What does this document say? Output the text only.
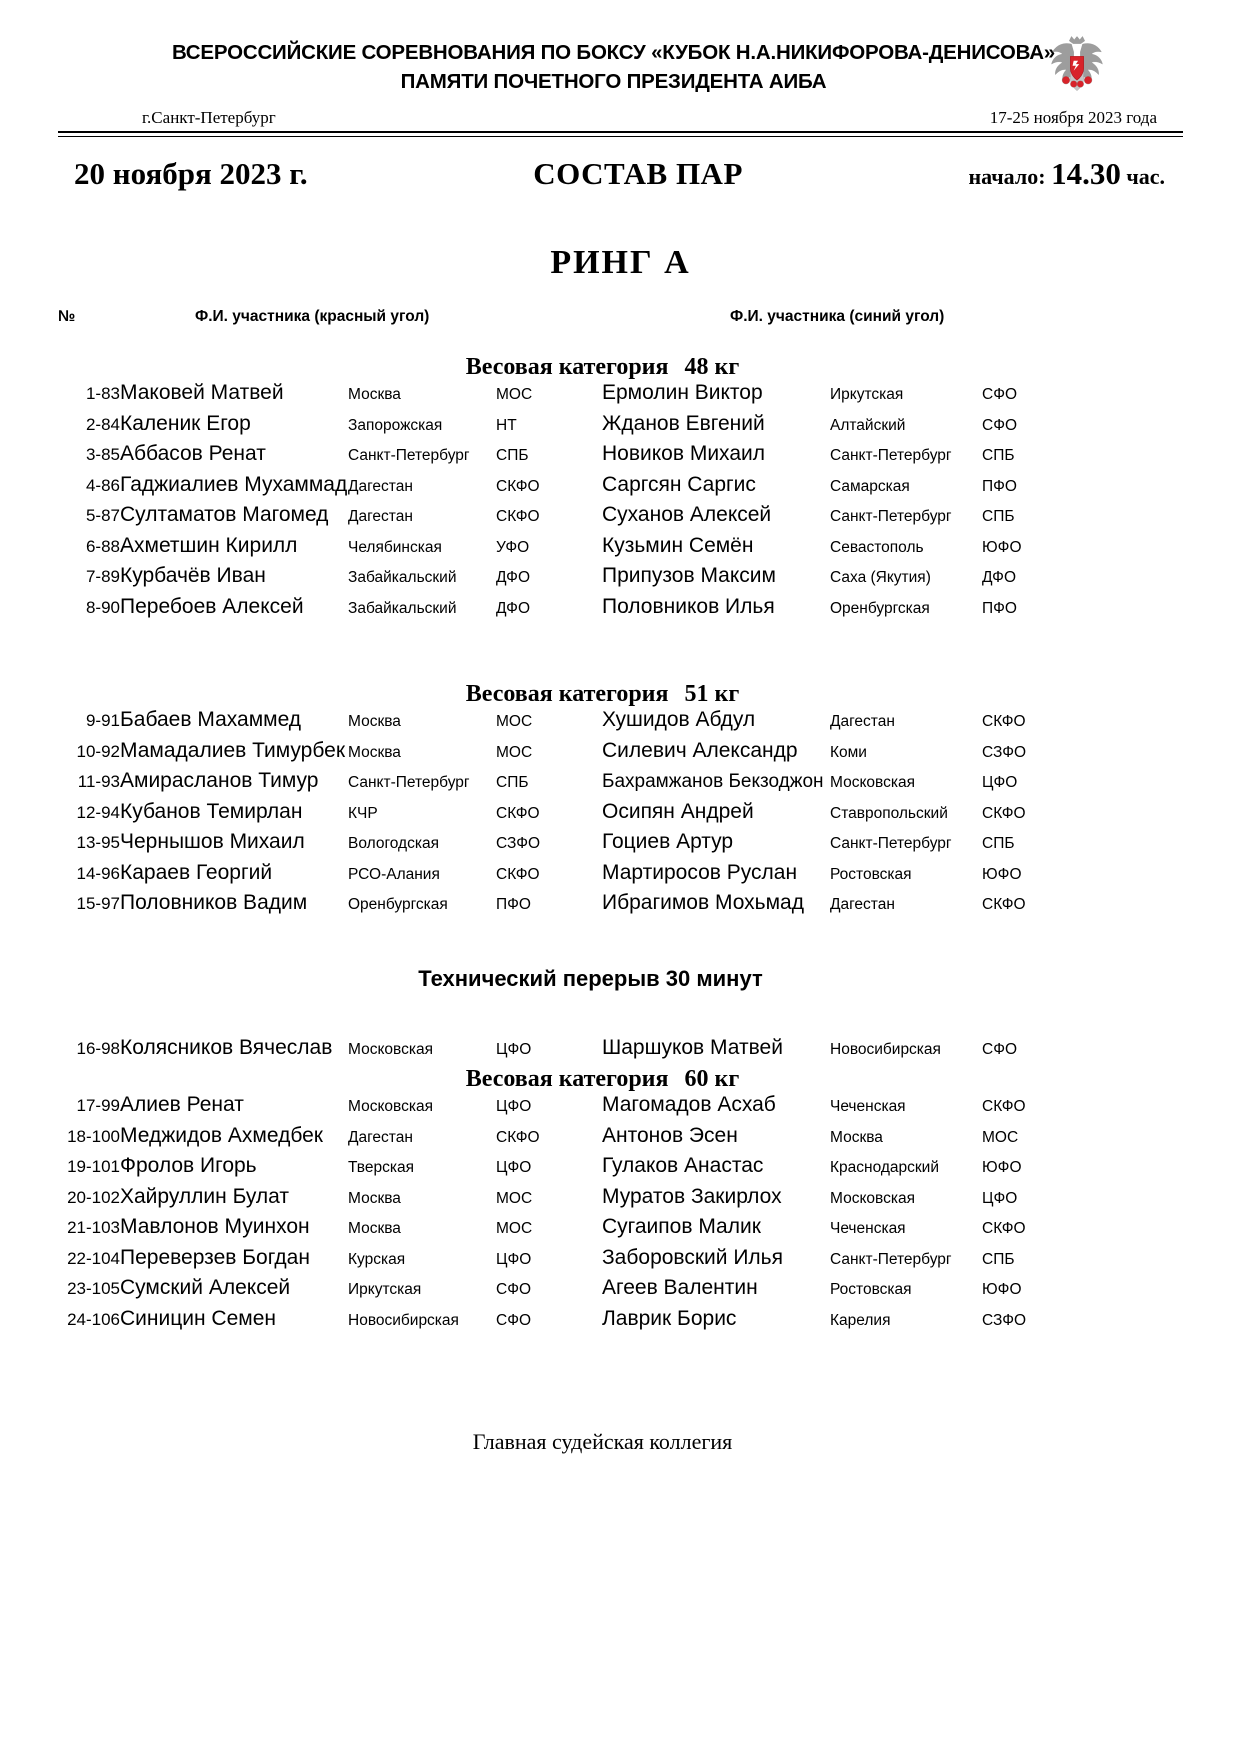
ВСЕРОССИЙСКИЕ СОРЕВНОВАНИЯ ПО БОКСУ «КУБОК Н.А.НИКИФОРОВА-ДЕНИСОВА» ПАМЯТИ ПОЧЕТНОГО ПРЕЗИДЕНТА АИБА
г.Санкт-Петербург	17-25 ноября 2023 года
20 ноября 2023 г.	СОСТАВ ПАР	начало: 14.30 час.
РИНГ А
№	Ф.И. участника (красный угол)	Ф.И. участника (синий угол)
Весовая категория 48 кг
1-83	Маковей Матвей	Москва	МОС	Ермолин Виктор	Иркутская	СФО
2-84	Каленик Егор	Запорожская	НТ	Жданов Евгений	Алтайский	СФО
3-85	Аббасов Ренат	Санкт-Петербург	СПБ	Новиков Михаил	Санкт-Петербург	СПБ
4-86	Гаджиалиев Мухаммад	Дагестан	СКФО	Саргсян Саргис	Самарская	ПФО
5-87	Султаматов Магомед	Дагестан	СКФО	Суханов Алексей	Санкт-Петербург	СПБ
6-88	Ахметшин Кирилл	Челябинская	УФО	Кузьмин Семён	Севастополь	ЮФО
7-89	Курбачёв Иван	Забайкальский	ДФО	Припузов Максим	Саха (Якутия)	ДФО
8-90	Перебоев Алексей	Забайкальский	ДФО	Половников Илья	Оренбургская	ПФО
Весовая категория 51 кг
9-91	Бабаев Махаммед	Москва	МОС	Хушидов Абдул	Дагестан	СКФО
10-92	Мамадалиев Тимурбек	Москва	МОС	Силевич Александр	Коми	СЗФО
11-93	Амирасланов Тимур	Санкт-Петербург	СПБ	Бахрамжанов Бекзоджон	Московская	ЦФО
12-94	Кубанов Темирлан	КЧР	СКФО	Осипян Андрей	Ставропольский	СКФО
13-95	Чернышов Михаил	Вологодская	СЗФО	Гоциев Артур	Санкт-Петербург	СПБ
14-96	Караев Георгий	РСО-Алания	СКФО	Мартиросов Руслан	Ростовская	ЮФО
15-97	Половников Вадим	Оренбургская	ПФО	Ибрагимов Мохьмад	Дагестан	СКФО
Технический перерыв 30 минут
16-98	Колясников Вячеслав	Московская	ЦФО	Шаршуков Матвей	Новосибирская	СФО
Весовая категория 60 кг
17-99	Алиев Ренат	Московская	ЦФО	Магомадов Асхаб	Чеченская	СКФО
18-100	Меджидов Ахмедбек	Дагестан	СКФО	Антонов Эсен	Москва	МОС
19-101	Фролов Игорь	Тверская	ЦФО	Гулаков Анастас	Краснодарский	ЮФО
20-102	Хайруллин Булат	Москва	МОС	Муратов Закирлох	Московская	ЦФО
21-103	Мавлонов Муинхон	Москва	МОС	Сугаипов Малик	Чеченская	СКФО
22-104	Переверзев Богдан	Курская	ЦФО	Заборовский Илья	Санкт-Петербург	СПБ
23-105	Сумский Алексей	Иркутская	СФО	Агеев Валентин	Ростовская	ЮФО
24-106	Синицин Семен	Новосибирская	СФО	Лаврик Борис	Карелия	СЗФО
Главная судейская коллегия
